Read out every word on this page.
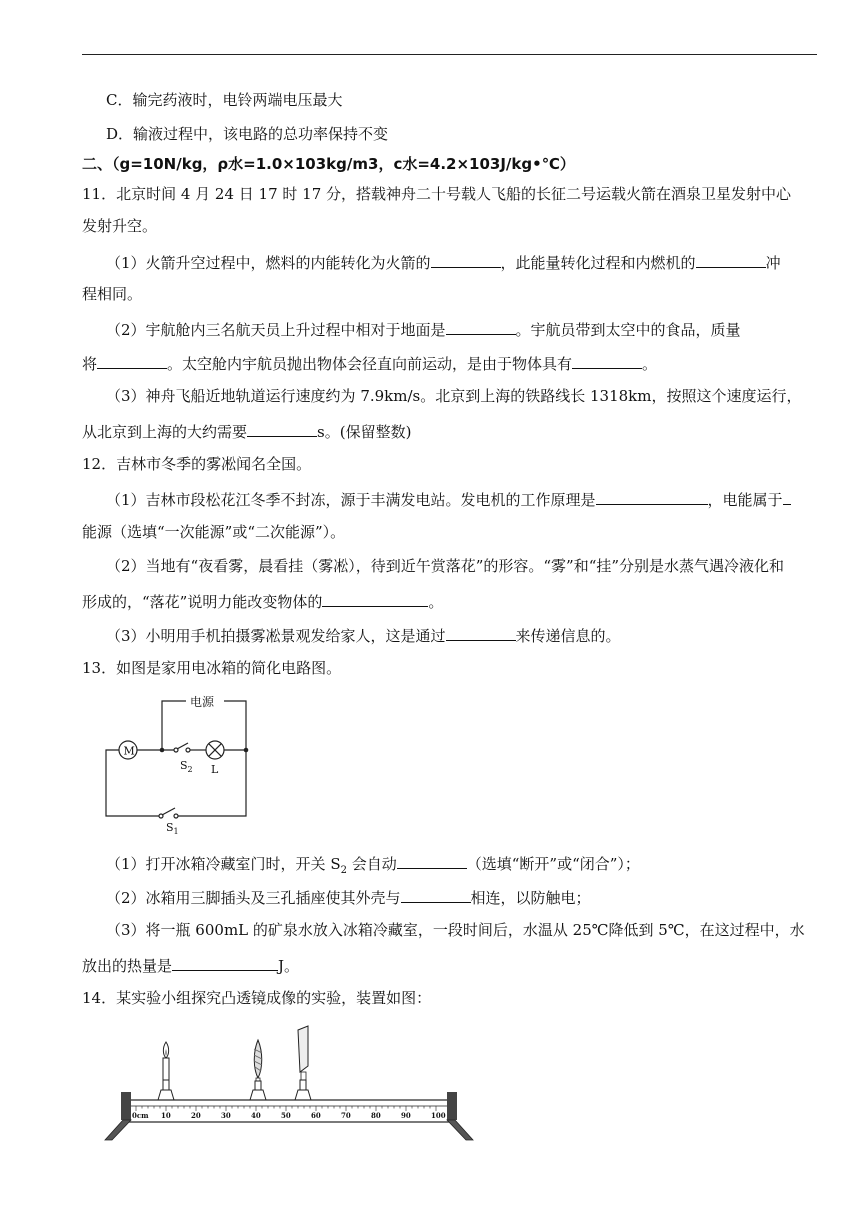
C．输完药液时，电铃两端电压最大
D．输液过程中，该电路的总功率保持不变
二、（g=10N/kg，ρ水=1.0×103kg/m3，c水=4.2×103J/kg•℃）
11．北京时间 4 月 24 日 17 时 17 分，搭载神舟二十号载人飞船的长征二号运载火箭在酒泉卫星发射中心
发射升空。
（1）火箭升空过程中，燃料的内能转化为火箭的	，此能量转化过程和内燃机的	冲
程相同。
（2）宇航舱内三名航天员上升过程中相对于地面是	。宇航员带到太空中的食品，质量
将	。太空舱内宇航员抛出物体会径直向前运动，是由于物体具有	。
（3）神舟飞船近地轨道运行速度约为 7.9km/s。北京到上海的铁路线长 1318km，按照这个速度运行，
从北京到上海的大约需要	s。(保留整数)
12．吉林市冬季的雾凇闻名全国。
（1）吉林市段松花江冬季不封冻，源于丰满发电站。发电机的工作原理是	，电能属于
能源（选填“一次能源”或“二次能源”）。
（2）当地有“夜看雾，晨看挂（雾凇），待到近午赏落花”的形容。“雾”和“挂”分别是水蒸气遇冷液化和
形成的，“落花”说明力能改变物体的	。
（3）小明用手机拍摄雾凇景观发给家人，这是通过	来传递信息的。
13．如图是家用电冰箱的简化电路图。
电源
M
$S_2$ L
$S_1$
（1）打开冰箱冷藏室门时，开关 $S_2$ 会自动	（选填“断开”或“闭合”）；
（2）冰箱用三脚插头及三孔插座使其外壳与	相连，以防触电；
（3）将一瓶 600mL 的矿泉水放入冰箱冷藏室，一段时间后，水温从 25℃降低到 5℃，在这过程中，水
放出的热量是	J。
14．某实验小组探究凸透镜成像的实验，装置如图：
0cm 10	20	30	40	50	60	70	80	90	100
